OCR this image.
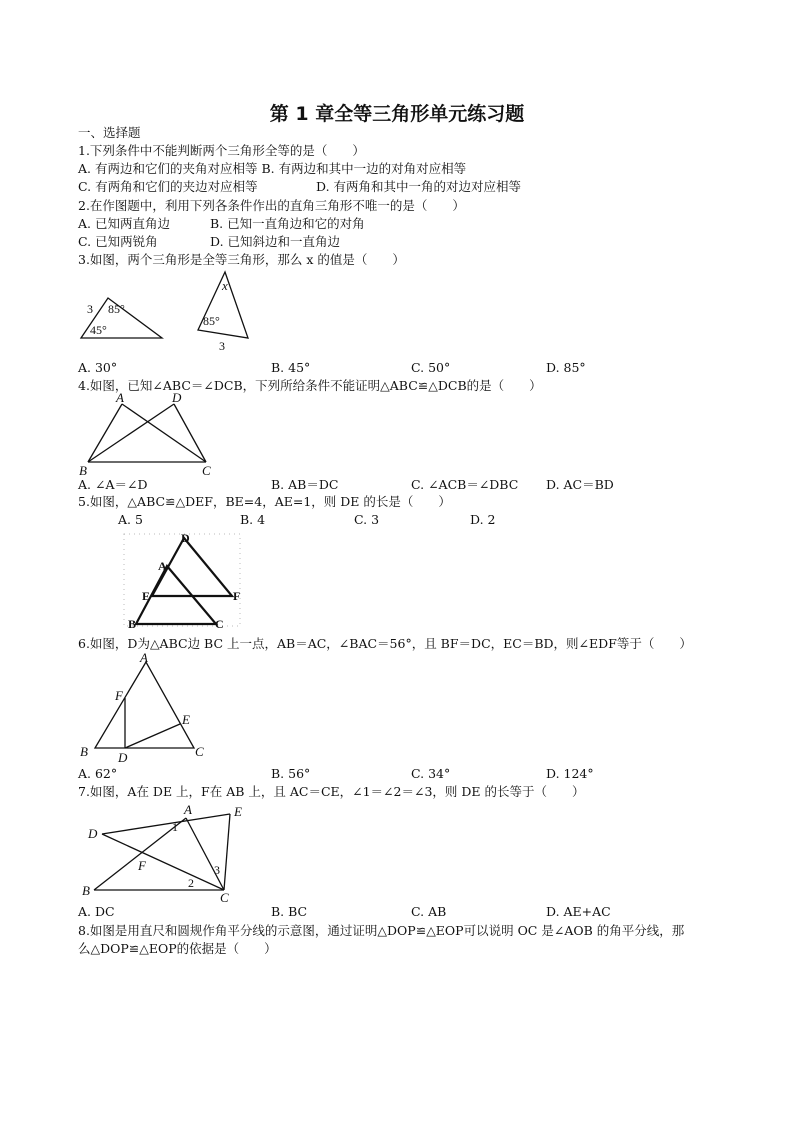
第 1 章全等三角形单元练习题
一、选择题
1.下列条件中不能判断两个三角形全等的是（　　）
A. 有两边和它们的夹角对应相等 B. 有两边和其中一边的对角对应相等
C. 有两角和它们的夹边对应相等	D. 有两角和其中一角的对边对应相等
2.在作图题中，利用下列各条件作出的直角三角形不唯一的是（　　）
A. 已知两直角边	B. 已知一直角边和它的对角
C. 已知两锐角	D. 已知斜边和一直角边
3.如图，两个三角形是全等三角形，那么 x 的值是（　　）
3 85°
45°
x
85°
3
A. 30°	B. 45°	C. 50°	D. 85°
4.如图，已知∠ABC＝∠DCB，下列所给条件不能证明△ABC≌△DCB的是（　　）
A	D
B	C
A. ∠A＝∠D	B. AB＝DC	C. ∠ACB＝∠DBC D. AC＝BD
5.如图，△ABC≌△DEF，BE=4，AE=1，则 DE 的长是（　　）
A. 5	B. 4	C. 3	D. 2
D
A
E	F
B	C
6.如图，D为△ABC边 BC 上一点，AB＝AC，∠BAC＝56°，且 BF＝DC，EC＝BD，则∠EDF等于（　　）
A
F
E
B D	C
A. 62°	B. 56°	C. 34°	D. 124°
7.如图，A在 DE 上，F在 AB 上，且 AC＝CE，∠1＝∠2＝∠3，则 DE 的长等于（　　）
A	E
D	1
F	3
2
B	C
A. DC	B. BC	C. AB	D. AE+AC
8.如图是用直尺和圆规作角平分线的示意图，通过证明△DOP≌△EOP可以说明 OC 是∠AOB 的角平分线，那
么△DOP≌△EOP的依据是（　　）
